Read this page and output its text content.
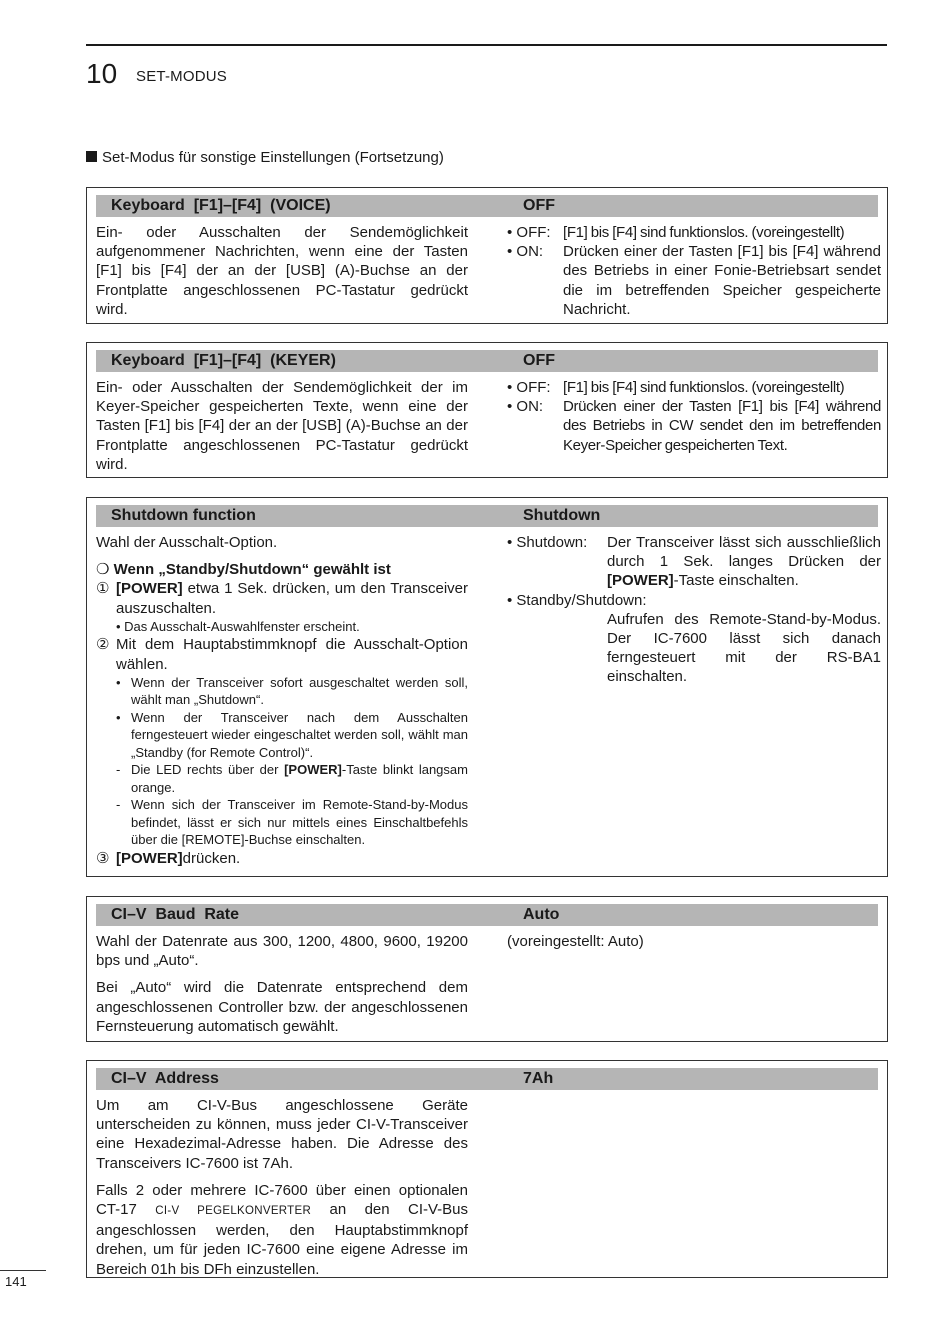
10 SET-MODUS
Set-Modus für sonstige Einstellungen (Fortsetzung)
Keyboard  [F1]–[F4]  (VOICE)	OFF

Ein- oder Ausschalten der Sendemöglichkeit aufgenommener Nachrichten, wenn eine der Tasten [F1] bis [F4] der an der [USB] (A)-Buchse an der Frontplatte angeschlossenen PC-Tastatur gedrückt wird.

• OFF: [F1] bis [F4] sind funktionslos. (voreingestellt)
• ON:	Drücken einer der Tasten [F1] bis [F4] während des Betriebs in einer Fonie-Betriebsart sendet die im betreffenden Speicher gespeicherte Nachricht.
Keyboard  [F1]–[F4]  (KEYER)	OFF

Ein- oder Ausschalten der Sendemöglichkeit der im Keyer-Speicher gespeicherten Texte, wenn eine der Tasten [F1] bis [F4] der an der [USB] (A)-Buchse an der Frontplatte angeschlossenen PC-Tastatur gedrückt wird.

• OFF: [F1] bis [F4] sind funktionslos. (voreingestellt)
• ON:	Drücken einer der Tasten [F1] bis [F4] während des Betriebs in CW sendet den im betreffenden Keyer-Speicher gespeicherten Text.
Shutdown function	Shutdown

Wahl der Ausschalt-Option.

❍ Wenn „Standby/Shutdown“ gewählt ist
① [POWER] etwa 1 Sek. drücken, um den Transceiver auszuschalten.
• Das Ausschalt-Auswahlfenster erscheint.
② Mit dem Hauptabstimmknopf die Ausschalt-Option wählen.
• Wenn der Transceiver sofort ausgeschaltet werden soll, wählt man „Shutdown“.
• Wenn der Transceiver nach dem Ausschalten ferngesteuert wieder eingeschaltet werden soll, wählt man „Standby (for Remote Control)“.
- Die LED rechts über der [POWER]-Taste blinkt langsam orange.
- Wenn sich der Transceiver im Remote-Stand-by-Modus befindet, lässt er sich nur mittels eines Einschaltbefehls über die [REMOTE]-Buchse einschalten.
③ [POWER]drücken.
• Shutdown:	Der Transceiver lässt sich ausschließlich durch 1 Sek. langes Drücken der [POWER]-Taste einschalten.
• Standby/Shutdown:
Aufrufen des Remote-Stand-by-Modus. Der IC-7600 lässt sich danach ferngesteuert mit der RS-BA1 einschalten.
CI–V  Baud  Rate	Auto

Wahl der Datenrate aus 300, 1200, 4800, 9600, 19200 bps und „Auto“.

Bei „Auto“ wird die Datenrate entsprechend dem angeschlossenen Controller bzw. der angeschlossenen Fernsteuerung automatisch gewählt.

(voreingestellt: Auto)
CI–V  Address	7Ah

Um am CI-V-Bus angeschlossene Geräte unterscheiden zu können, muss jeder CI-V-Transceiver eine Hexadezimal-Adresse haben. Die Adresse des Transceivers IC-7600 ist 7Ah.

Falls 2 oder mehrere IC-7600 über einen optionalen CT-17 CI-V PEGELKONVERTER an den CI-V-Bus angeschlossen werden, den Hauptabstimmknopf drehen, um für jeden IC-7600 eine eigene Adresse im Bereich 01h bis DFh einzustellen.

141
